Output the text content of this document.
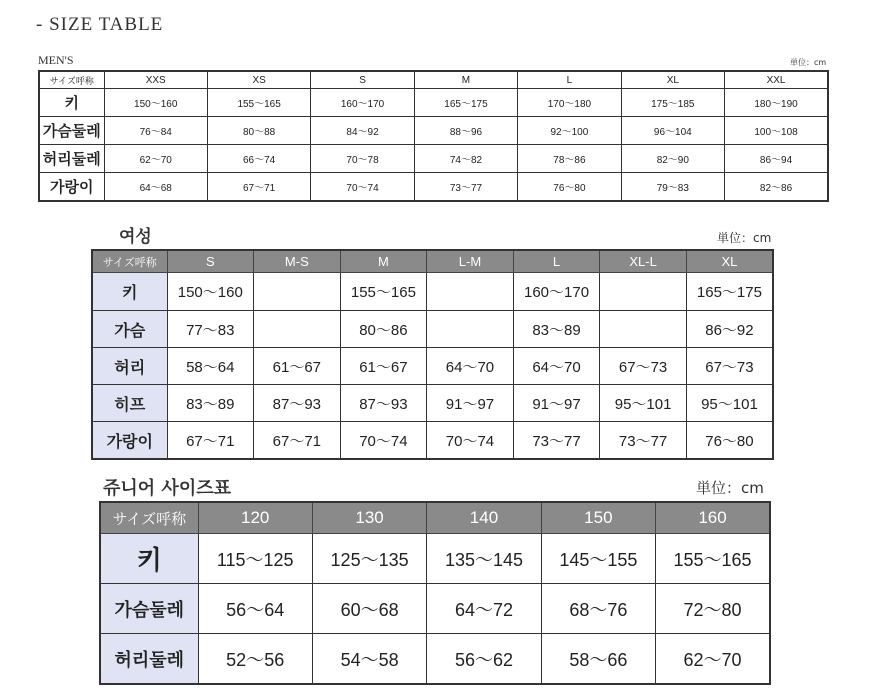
- SIZE TABLE
MEN'S	単位：cm
サイズ呼称	XXS	XS	S	M	L	XL	XXL
키	150〜160	155〜165	160〜170	165〜175	170〜180	175〜185	180〜190
가슴둘레	76〜84	80〜88	84〜92	88〜96	92〜100	96〜104	100〜108
허리둘레	62〜70	66〜74	70〜78	74〜82	78〜86	82〜90	86〜94
가랑이	64〜68	67〜71	70〜74	73〜77	76〜80	79〜83	82〜86
여성	単位：cm
サイズ呼称	S	M-S	M	L-M	L	XL-L	XL
키	150〜160		155〜165		160〜170		165〜175
가슴	77〜83		80〜86		83〜89		86〜92
허리	58〜64	61〜67	61〜67	64〜70	64〜70	67〜73	67〜73
히프	83〜89	87〜93	87〜93	91〜97	91〜97	95〜101	95〜101
가랑이	67〜71	67〜71	70〜74	70〜74	73〜77	73〜77	76〜80
쥬니어 사이즈표	単位：cm
サイズ呼称	120	130	140	150	160
키	115〜125	125〜135	135〜145	145〜155	155〜165
가슴둘레	56〜64	60〜68	64〜72	68〜76	72〜80
허리둘레	52〜56	54〜58	56〜62	58〜66	62〜70
